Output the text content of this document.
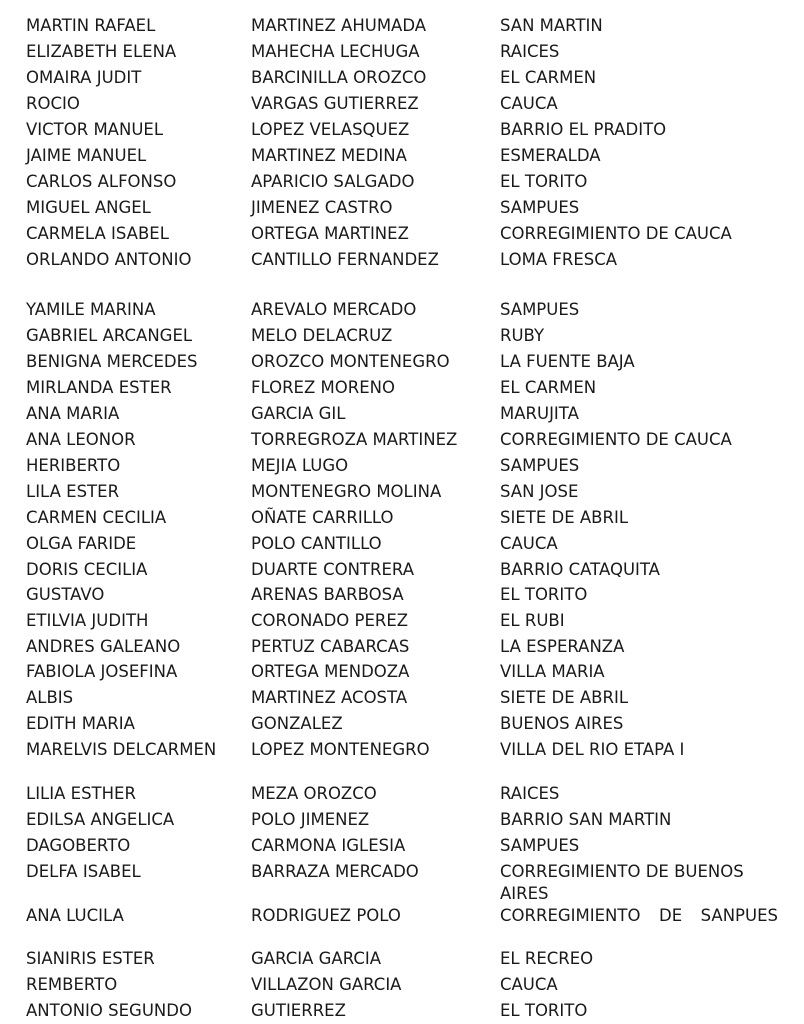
MARTIN RAFAEL	MARTINEZ AHUMADA	SAN MARTIN
ELIZABETH ELENA	MAHECHA LECHUGA	RAICES
OMAIRA JUDIT	BARCINILLA OROZCO	EL CARMEN
ROCIO	VARGAS GUTIERREZ	CAUCA
VICTOR MANUEL	LOPEZ VELASQUEZ	BARRIO EL PRADITO
JAIME MANUEL	MARTINEZ MEDINA	ESMERALDA
CARLOS ALFONSO	APARICIO SALGADO	EL TORITO
MIGUEL ANGEL	JIMENEZ CASTRO	SAMPUES
CARMELA ISABEL	ORTEGA MARTINEZ	CORREGIMIENTO DE CAUCA
ORLANDO ANTONIO	CANTILLO FERNANDEZ	LOMA FRESCA
YAMILE MARINA	AREVALO MERCADO	SAMPUES
GABRIEL ARCANGEL	MELO DELACRUZ	RUBY
BENIGNA MERCEDES	OROZCO MONTENEGRO	LA FUENTE BAJA
MIRLANDA ESTER	FLOREZ MORENO	EL CARMEN
ANA MARIA	GARCIA GIL	MARUJITA
ANA LEONOR	TORREGROZA MARTINEZ	CORREGIMIENTO DE CAUCA
HERIBERTO	MEJIA LUGO	SAMPUES
LILA ESTER	MONTENEGRO MOLINA	SAN JOSE
CARMEN CECILIA	OÑATE CARRILLO	SIETE DE ABRIL
OLGA FARIDE	POLO CANTILLO	CAUCA
DORIS CECILIA	DUARTE CONTRERA	BARRIO CATAQUITA
GUSTAVO	ARENAS BARBOSA	EL TORITO
ETILVIA JUDITH	CORONADO PEREZ	EL RUBI
ANDRES GALEANO	PERTUZ CABARCAS	LA ESPERANZA
FABIOLA JOSEFINA	ORTEGA MENDOZA	VILLA MARIA
ALBIS	MARTINEZ ACOSTA	SIETE DE ABRIL
EDITH MARIA	GONZALEZ	BUENOS AIRES
MARELVIS DELCARMEN	LOPEZ MONTENEGRO	VILLA DEL RIO ETAPA I
LILIA ESTHER	MEZA OROZCO	RAICES
EDILSA ANGELICA	POLO JIMENEZ	BARRIO SAN MARTIN
DAGOBERTO	CARMONA IGLESIA	SAMPUES
DELFA ISABEL	BARRAZA MERCADO	CORREGIMIENTO DE BUENOS AIRES
ANA LUCILA	RODRIGUEZ POLO	CORREGIMIENTO DE SANPUES
SIANIRIS ESTER	GARCIA GARCIA	EL RECREO
REMBERTO	VILLAZON GARCIA	CAUCA
ANTONIO SEGUNDO	GUTIERREZ	EL TORITO
